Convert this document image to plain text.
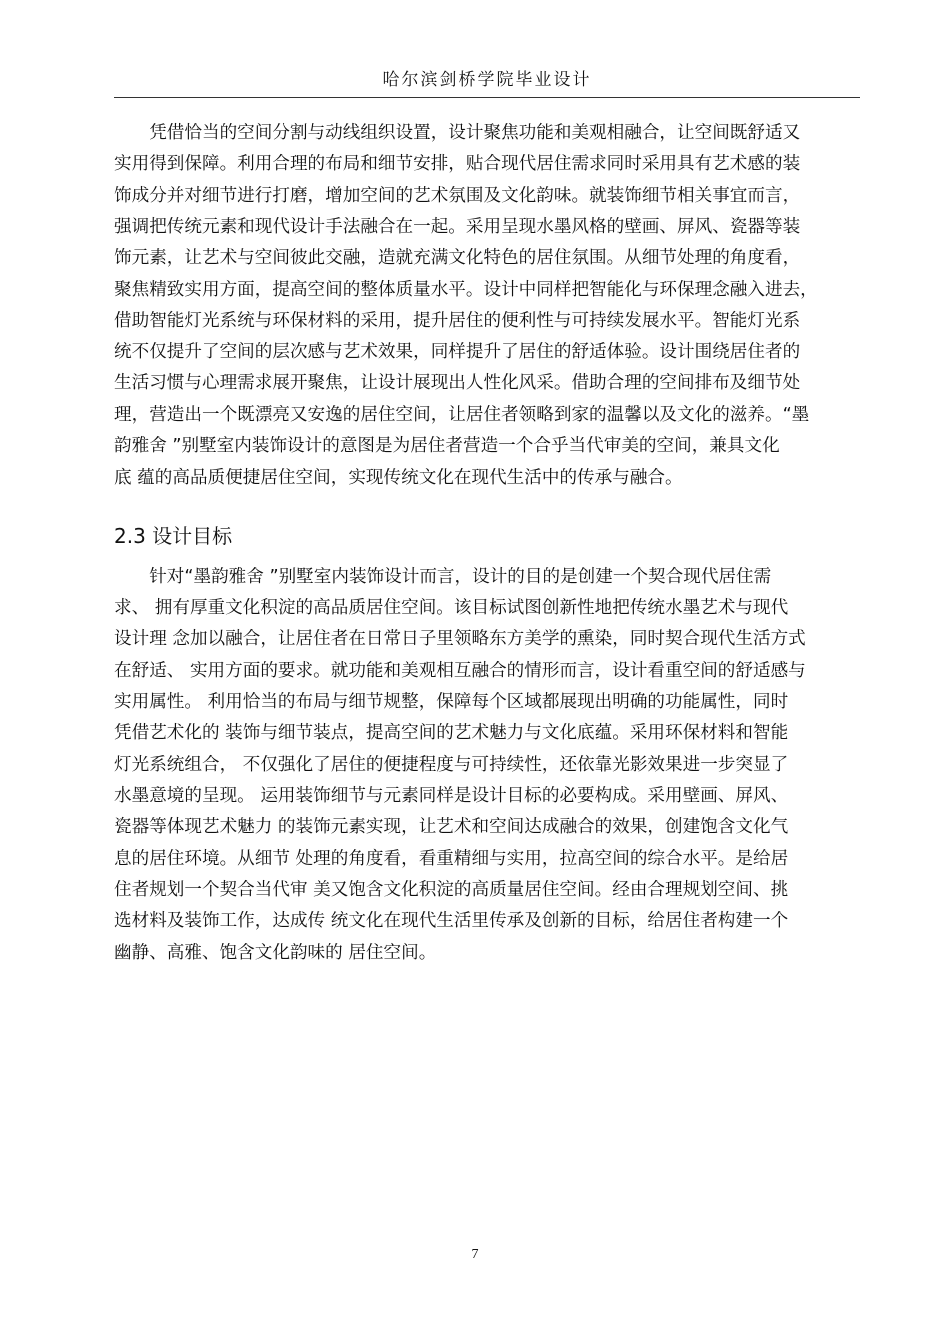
哈尔滨剑桥学院毕业设计

　　凭借恰当的空间分割与动线组织设置，设计聚焦功能和美观相融合，让空间既舒适又

实用得到保障。利用合理的布局和细节安排，贴合现代居住需求同时采用具有艺术感的装

饰成分并对细节进行打磨，增加空间的艺术氛围及文化韵味。就装饰细节相关事宜而言，

强调把传统元素和现代设计手法融合在一起。采用呈现水墨风格的壁画、屏风、瓷器等装

饰元素，让艺术与空间彼此交融，造就充满文化特色的居住氛围。从细节处理的角度看，

聚焦精致实用方面，提高空间的整体质量水平。设计中同样把智能化与环保理念融入进去，

借助智能灯光系统与环保材料的采用，提升居住的便利性与可持续发展水平。智能灯光系

统不仅提升了空间的层次感与艺术效果，同样提升了居住的舒适体验。设计围绕居住者的

生活习惯与心理需求展开聚焦，让设计展现出人性化风采。借助合理的空间排布及细节处

理，营造出一个既漂亮又安逸的居住空间，让居住者领略到家的温馨以及文化的滋养。“墨

韵雅舍 ”别墅室内装饰设计的意图是为居住者营造一个合乎当代审美的空间，兼具文化

底 蕴的高品质便捷居住空间，实现传统文化在现代生活中的传承与融合。

2.3 设计目标

　　针对“墨韵雅舍 ”别墅室内装饰设计而言，设计的目的是创建一个契合现代居住需

求、 拥有厚重文化积淀的高品质居住空间。该目标试图创新性地把传统水墨艺术与现代

设计理 念加以融合，让居住者在日常日子里领略东方美学的熏染，同时契合现代生活方式

在舒适、 实用方面的要求。就功能和美观相互融合的情形而言，设计看重空间的舒适感与

实用属性。 利用恰当的布局与细节规整，保障每个区域都展现出明确的功能属性，同时

凭借艺术化的 装饰与细节装点，提高空间的艺术魅力与文化底蕴。采用环保材料和智能

灯光系统组合， 不仅强化了居住的便捷程度与可持续性，还依靠光影效果进一步突显了

水墨意境的呈现。 运用装饰细节与元素同样是设计目标的必要构成。采用壁画、屏风、

瓷器等体现艺术魅力 的装饰元素实现，让艺术和空间达成融合的效果，创建饱含文化气

息的居住环境。从细节 处理的角度看，看重精细与实用，拉高空间的综合水平。是给居

住者规划一个契合当代审 美又饱含文化积淀的高质量居住空间。经由合理规划空间、挑

选材料及装饰工作，达成传 统文化在现代生活里传承及创新的目标，给居住者构建一个

幽静、高雅、饱含文化韵味的 居住空间。

7
